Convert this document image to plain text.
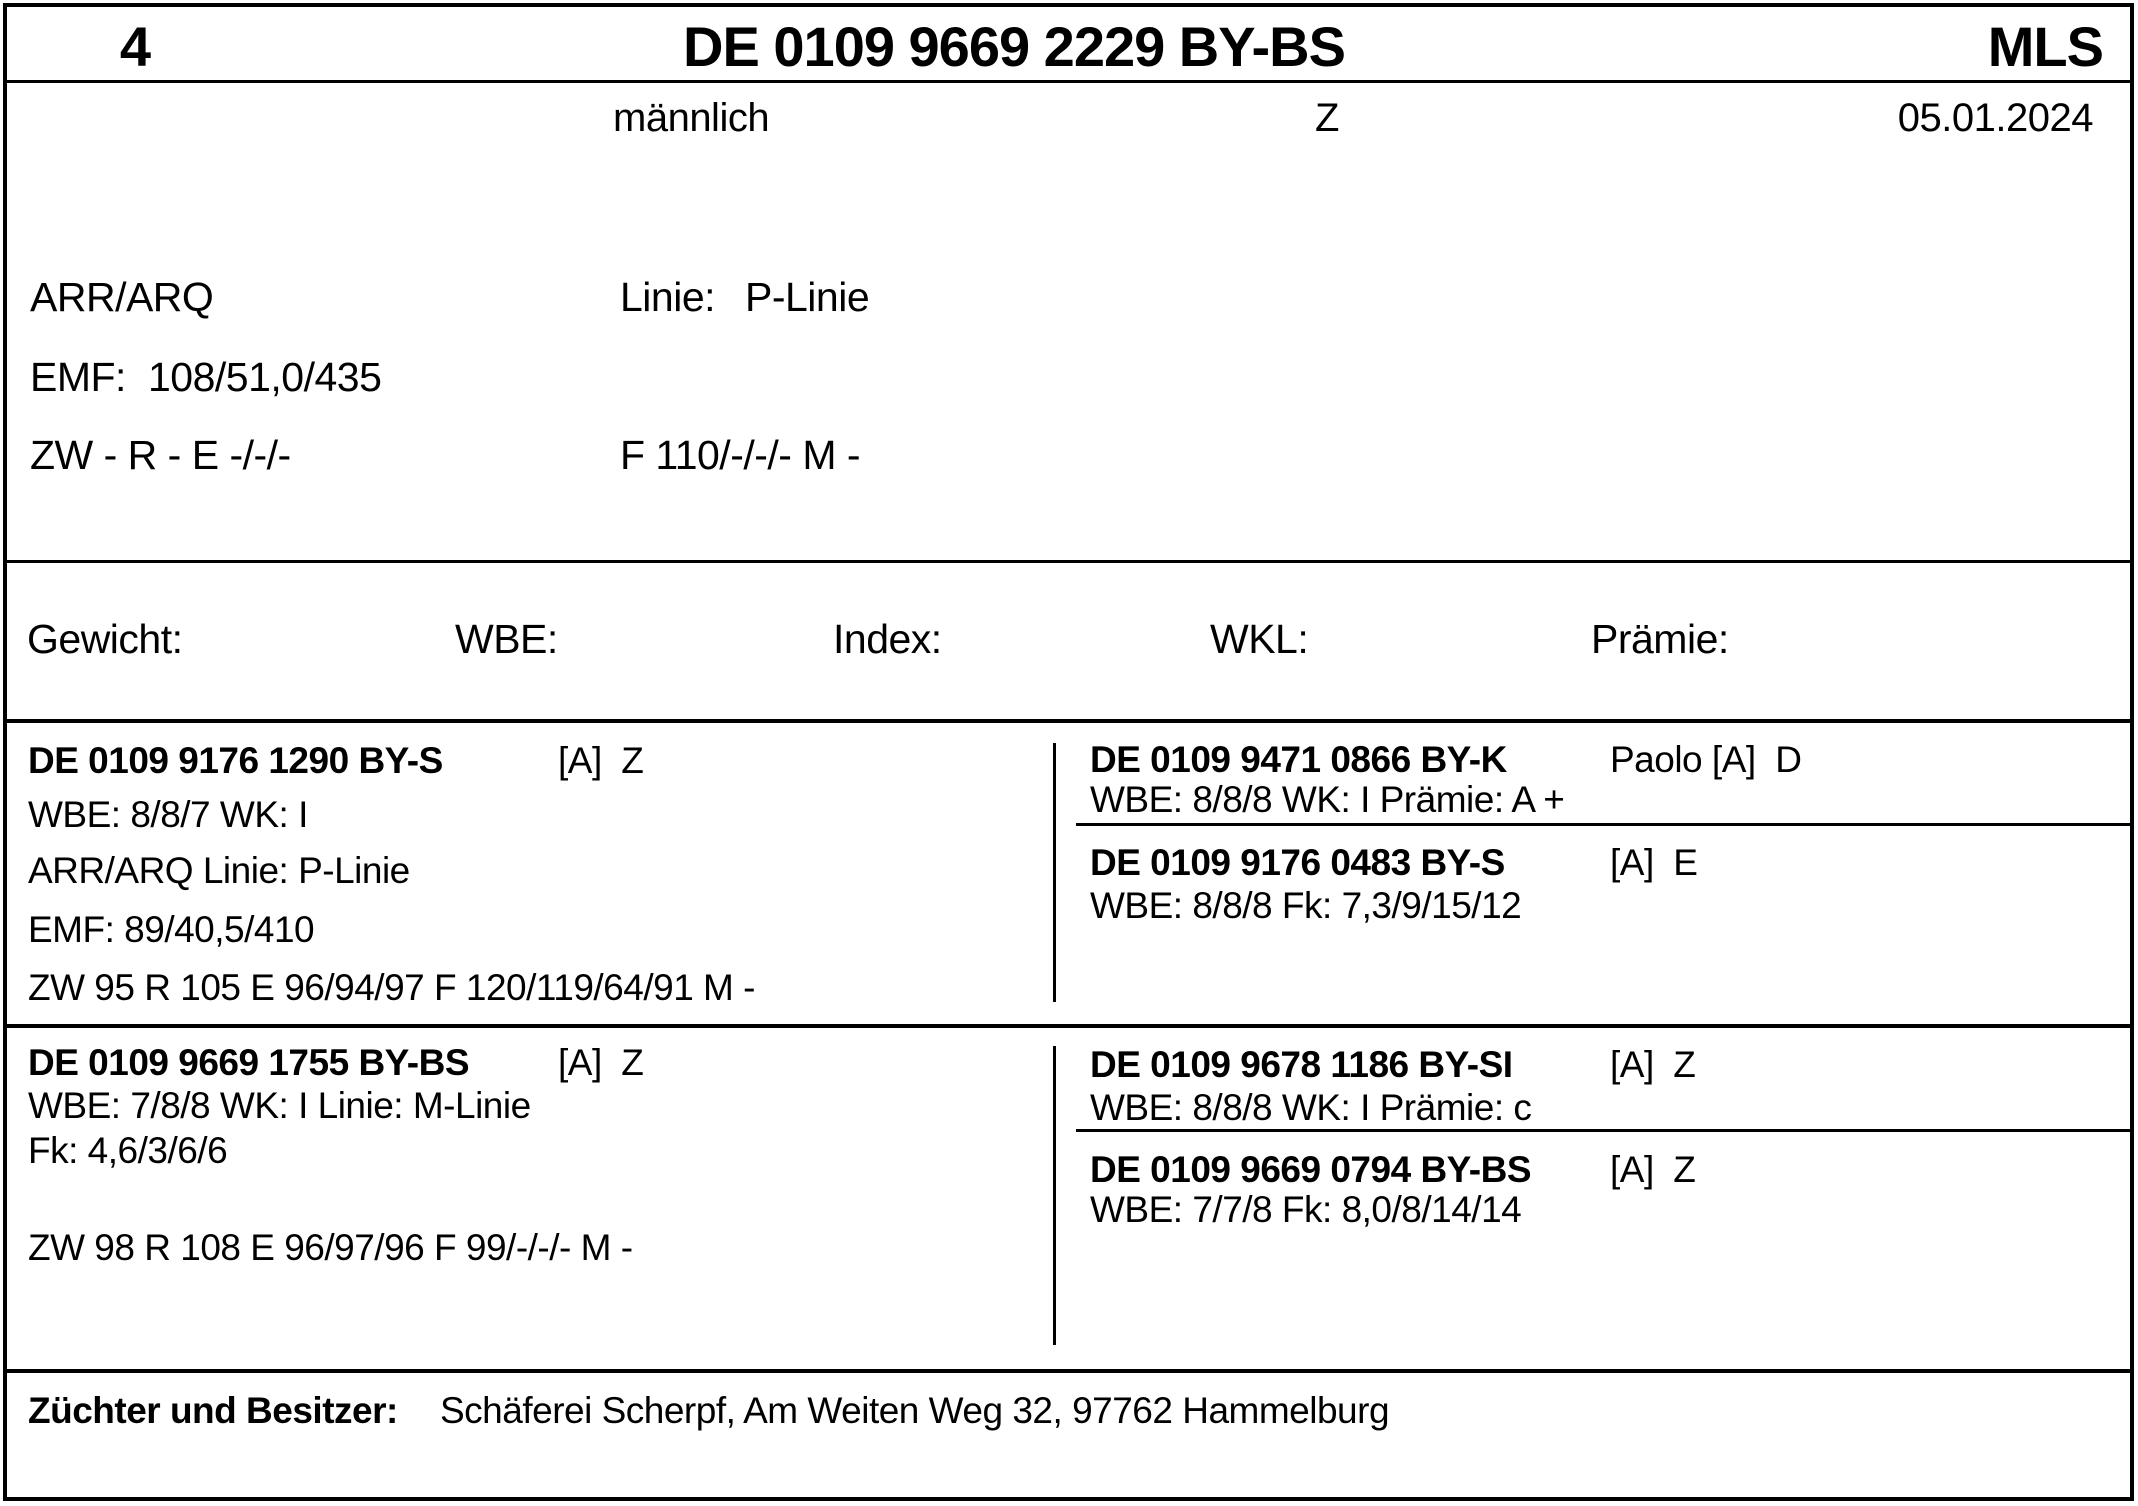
4	DE 0109 9669 2229 BY-BS	MLS
männlich	Z	05.01.2024
ARR/ARQ	Linie: P-Linie
EMF: 108/51,0/435
ZW - R - E -/-/-	F 110/-/-/- M -
Gewicht:	WBE:	Index:	WKL:	Prämie:
DE 0109 9176 1290 BY-S	[A]  Z
WBE: 8/8/7 WK: I
ARR/ARQ Linie: P-Linie
EMF: 89/40,5/410
ZW 95 R 105 E 96/94/97 F 120/119/64/91 M -
DE 0109 9471 0866 BY-K	Paolo [A]  D
WBE: 8/8/8 WK: I Prämie: A +
DE 0109 9176 0483 BY-S	[A]  E
WBE: 8/8/8 Fk: 7,3/9/15/12
DE 0109 9669 1755 BY-BS [A]  Z
WBE: 7/8/8 WK: I Linie: M-Linie
Fk: 4,6/3/6/6
ZW 98 R 108 E 96/97/96 F 99/-/-/- M -
DE 0109 9678 1186 BY-SI	[A]  Z
WBE: 8/8/8 WK: I Prämie: c
DE 0109 9669 0794 BY-BS [A]  Z
WBE: 7/7/8 Fk: 8,0/8/14/14
Züchter und Besitzer: Schäferei Scherpf, Am Weiten Weg 32, 97762 Hammelburg
